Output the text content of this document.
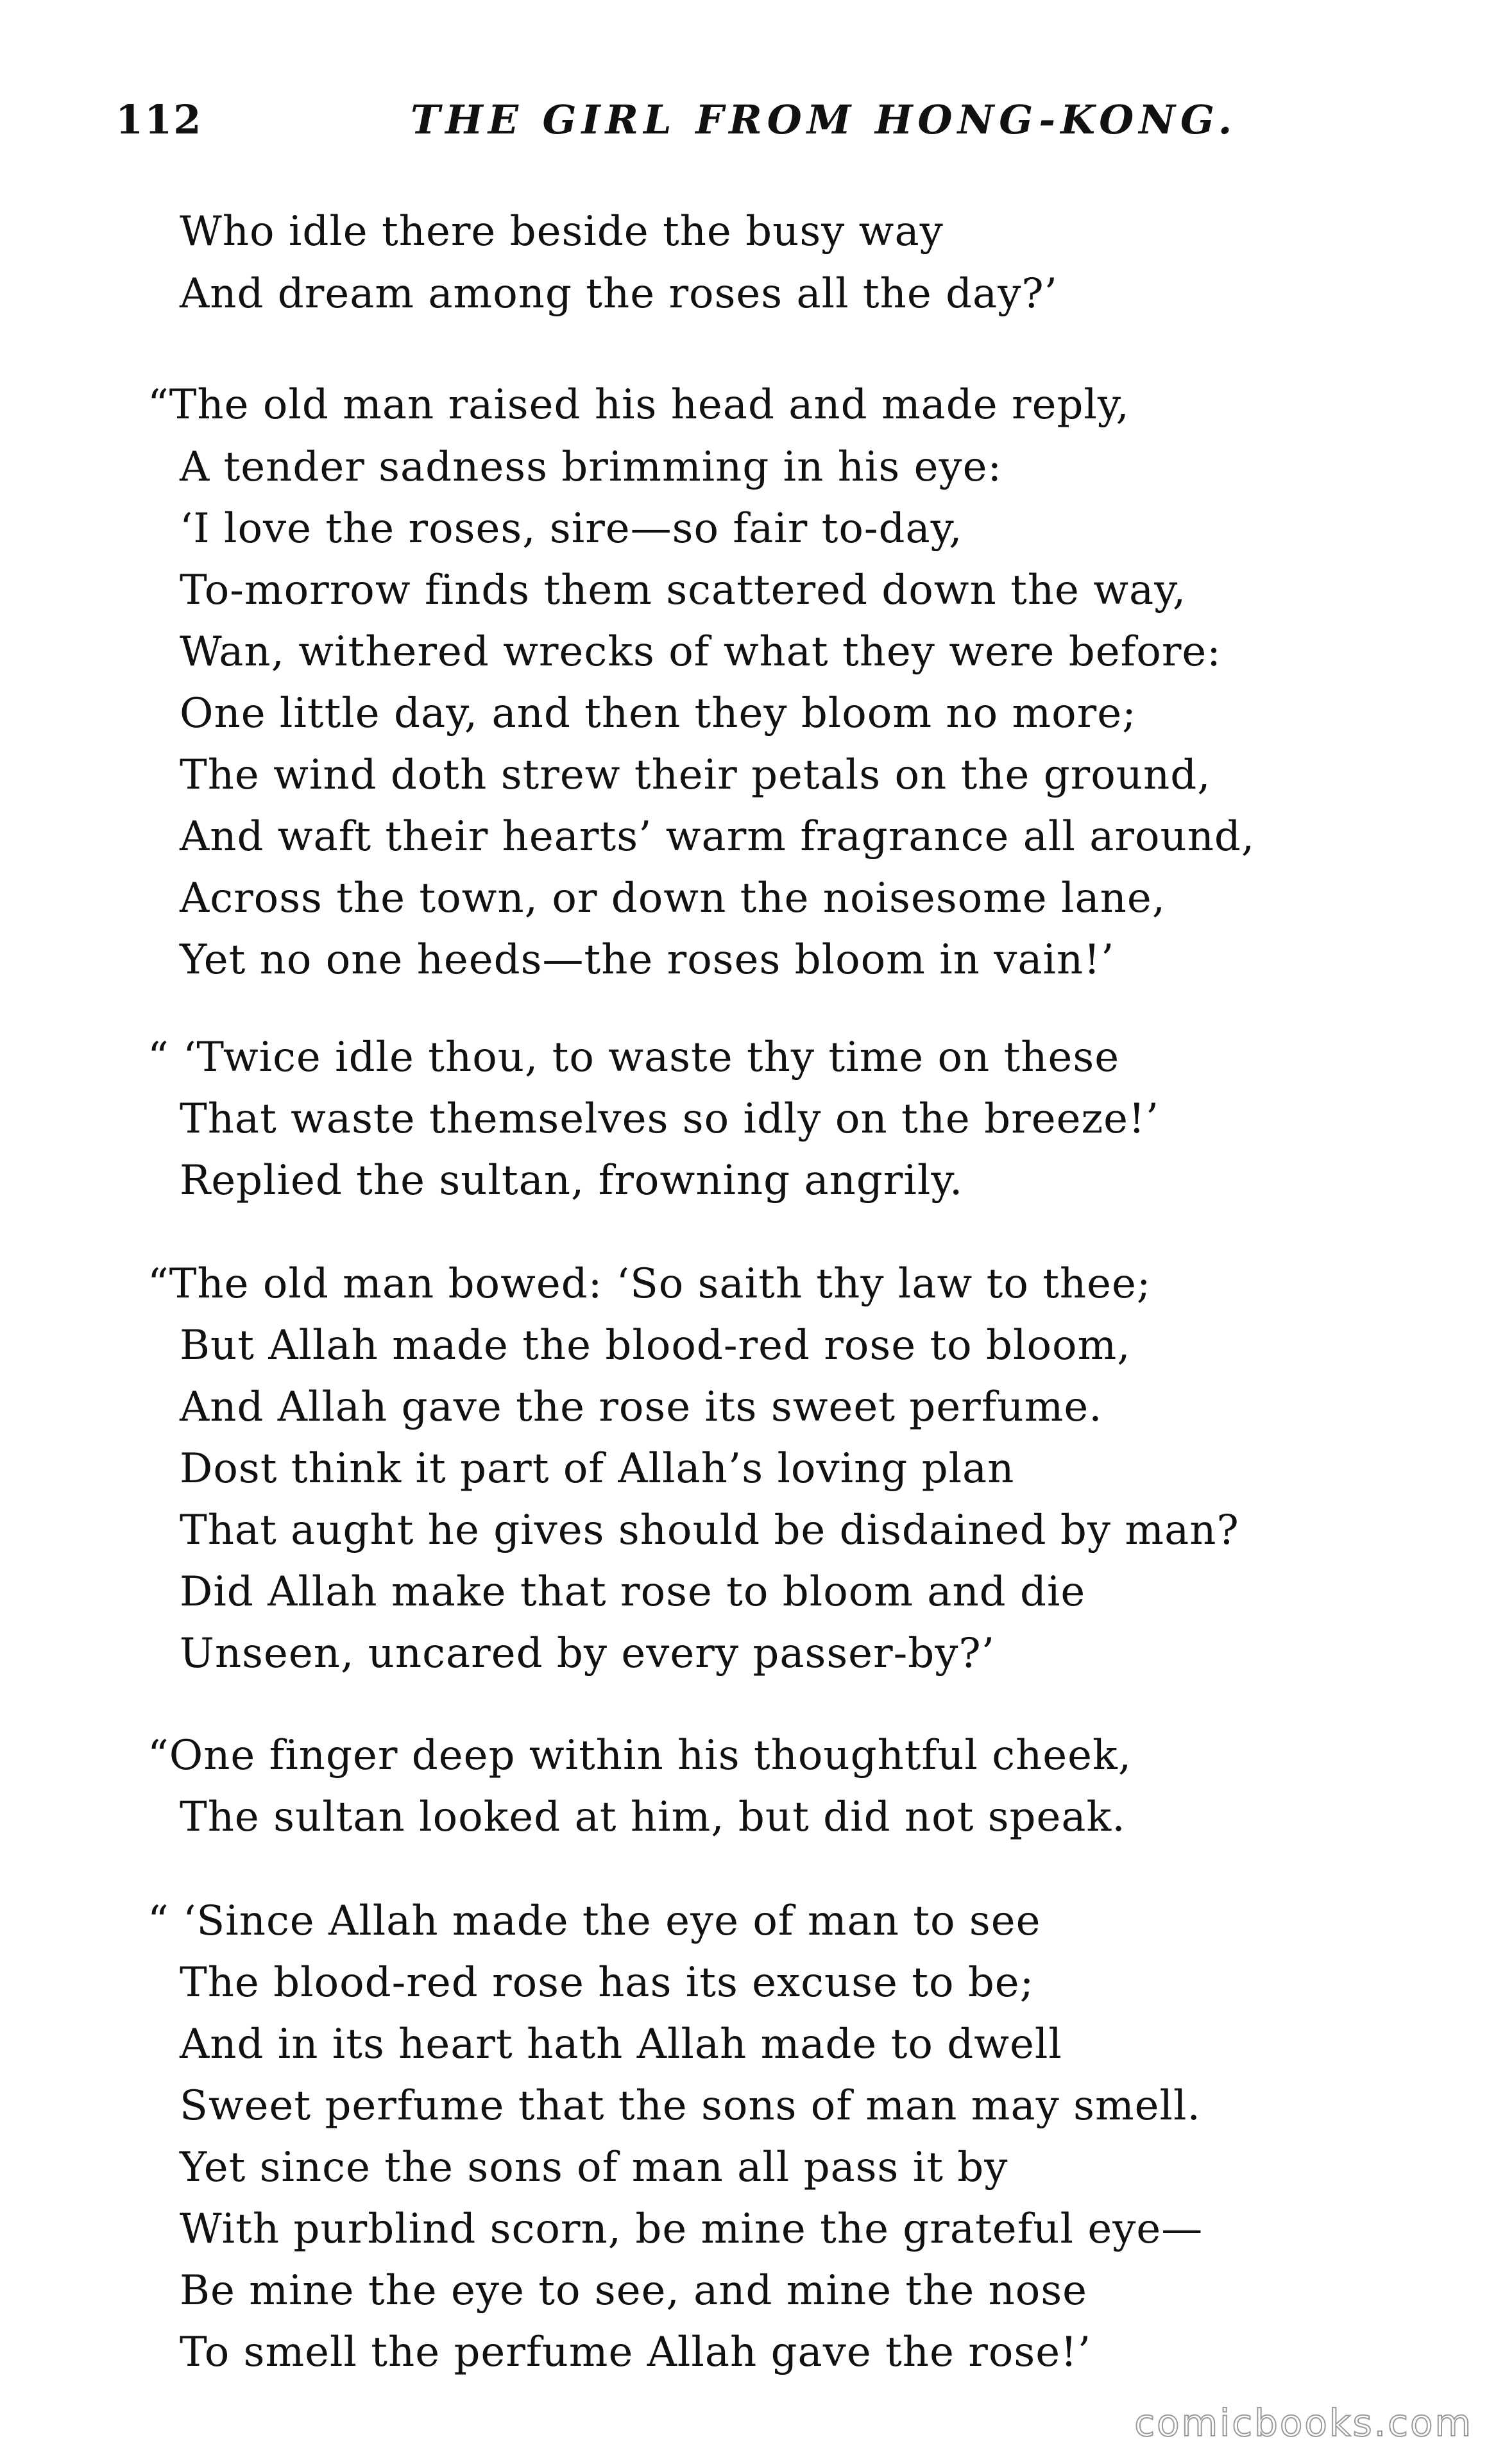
112	THE GIRL FROM HONG-KONG.
Who idle there beside the busy way
And dream among the roses all the day?’
“The old man raised his head and made reply,
A tender sadness brimming in his eye:
‘I love the roses, sire—so fair to-day,
To-morrow finds them scattered down the way,
Wan, withered wrecks of what they were before:
One little day, and then they bloom no more;
The wind doth strew their petals on the ground,
And waft their hearts’ warm fragrance all around,
Across the town, or down the noisesome lane,
Yet no one heeds—the roses bloom in vain!’
“ ‘Twice idle thou, to waste thy time on these
That waste themselves so idly on the breeze!’
Replied the sultan, frowning angrily.
“The old man bowed: ‘So saith thy law to thee;
But Allah made the blood-red rose to bloom,
And Allah gave the rose its sweet perfume.
Dost think it part of Allah’s loving plan
That aught he gives should be disdained by man?
Did Allah make that rose to bloom and die
Unseen, uncared by every passer-by?’
“One finger deep within his thoughtful cheek,
The sultan looked at him, but did not speak.
“ ‘Since Allah made the eye of man to see
The blood-red rose has its excuse to be;
And in its heart hath Allah made to dwell
Sweet perfume that the sons of man may smell.
Yet since the sons of man all pass it by
With purblind scorn, be mine the grateful eye—
Be mine the eye to see, and mine the nose
To smell the perfume Allah gave the rose!’
comicbooks.com
